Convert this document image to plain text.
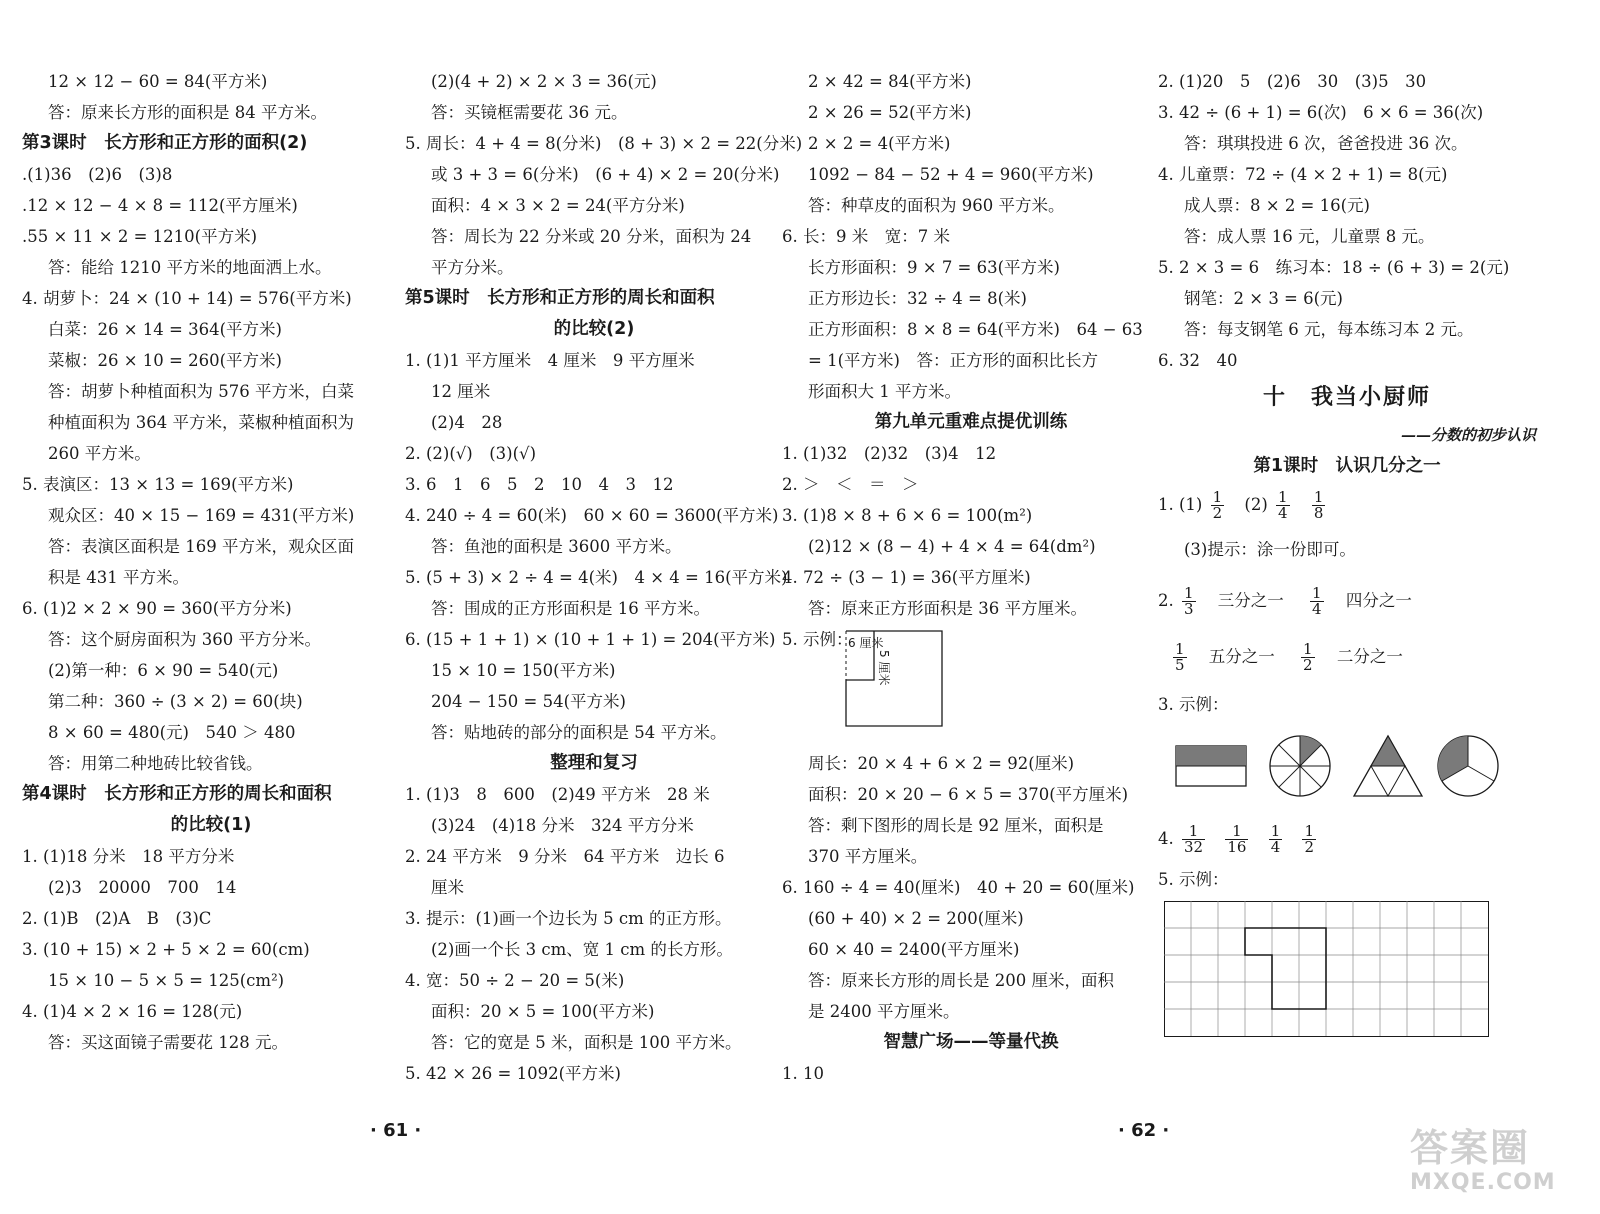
12 × 12 − 60 = 84(平方米)
答：原来长方形的面积是 84 平方米。
第3课时　长方形和正方形的面积(2)
.(1)36　(2)6　(3)8
.12 × 12 − 4 × 8 = 112(平方厘米)
.55 × 11 × 2 = 1210(平方米)
答：能给 1210 平方米的地面洒上水。
4. 胡萝卜：24 × (10 + 14) = 576(平方米)
白菜：26 × 14 = 364(平方米)
菜椒：26 × 10 = 260(平方米)
答：胡萝卜种植面积为 576 平方米，白菜
种植面积为 364 平方米，菜椒种植面积为
260 平方米。
5. 表演区：13 × 13 = 169(平方米)
观众区：40 × 15 − 169 = 431(平方米)
答：表演区面积是 169 平方米，观众区面
积是 431 平方米。
6. (1)2 × 2 × 90 = 360(平方分米)
答：这个厨房面积为 360 平方分米。
(2)第一种：6 × 90 = 540(元)
第二种：360 ÷ (3 × 2) = 60(块)
8 × 60 = 480(元)　540 ＞ 480
答：用第二种地砖比较省钱。
第4课时　长方形和正方形的周长和面积
的比较(1)
1. (1)18 分米　18 平方分米
(2)3　20000　700　14
2. (1)B　(2)A　B　(3)C
3. (10 + 15) × 2 + 5 × 2 = 60(cm)
15 × 10 − 5 × 5 = 125(cm²)
4. (1)4 × 2 × 16 = 128(元)
答：买这面镜子需要花 128 元。
(2)(4 + 2) × 2 × 3 = 36(元)
答：买镜框需要花 36 元。
5. 周长：4 + 4 = 8(分米)　(8 + 3) × 2 = 22(分米)
或 3 + 3 = 6(分米)　(6 + 4) × 2 = 20(分米)
面积：4 × 3 × 2 = 24(平方分米)
答：周长为 22 分米或 20 分米，面积为 24
平方分米。
第5课时　长方形和正方形的周长和面积
的比较(2)
1. (1)1 平方厘米　4 厘米　9 平方厘米
12 厘米
(2)4　28
2. (2)(√)　(3)(√)
3. 6　1　6　5　2　10　4　3　12
4. 240 ÷ 4 = 60(米)　60 × 60 = 3600(平方米)
答：鱼池的面积是 3600 平方米。
5. (5 + 3) × 2 ÷ 4 = 4(米)　4 × 4 = 16(平方米)
答：围成的正方形面积是 16 平方米。
6. (15 + 1 + 1) × (10 + 1 + 1) = 204(平方米)
15 × 10 = 150(平方米)
204 − 150 = 54(平方米)
答：贴地砖的部分的面积是 54 平方米。
整理和复习
1. (1)3　8　600　(2)49 平方米　28 米
(3)24　(4)18 分米　324 平方分米
2. 24 平方米　9 分米　64 平方米　边长 6
厘米
3. 提示：(1)画一个边长为 5 cm 的正方形。
(2)画一个长 3 cm、宽 1 cm 的长方形。
4. 宽：50 ÷ 2 − 20 = 5(米)
面积：20 × 5 = 100(平方米)
答：它的宽是 5 米，面积是 100 平方米。
5. 42 × 26 = 1092(平方米)
2 × 42 = 84(平方米)
2 × 26 = 52(平方米)
2 × 2 = 4(平方米)
1092 − 84 − 52 + 4 = 960(平方米)
答：种草皮的面积为 960 平方米。
6. 长：9 米　宽：7 米
长方形面积：9 × 7 = 63(平方米)
正方形边长：32 ÷ 4 = 8(米)
正方形面积：8 × 8 = 64(平方米)　64 − 63
= 1(平方米)　答：正方形的面积比长方
形面积大 1 平方米。
第九单元重难点提优训练
1. (1)32　(2)32　(3)4　12
2. ＞　＜　＝　＞
3. (1)8 × 8 + 6 × 6 = 100(m²)
(2)12 × (8 − 4) + 4 × 4 = 64(dm²)
4. 72 ÷ (3 − 1) = 36(平方厘米)
答：原来正方形面积是 36 平方厘米。
5. 示例：
6 厘米
5 厘米
周长：20 × 4 + 6 × 2 = 92(厘米)
面积：20 × 20 − 6 × 5 = 370(平方厘米)
答：剩下图形的周长是 92 厘米，面积是
370 平方厘米。
6. 160 ÷ 4 = 40(厘米)　40 + 20 = 60(厘米)
(60 + 40) × 2 = 200(厘米)
60 × 40 = 2400(平方厘米)
答：原来长方形的周长是 200 厘米，面积
是 2400 平方厘米。
智慧广场——等量代换
1. 10
2. (1)20　5　(2)6　30　(3)5　30
3. 42 ÷ (6 + 1) = 6(次)　6 × 6 = 36(次)
答：琪琪投进 6 次，爸爸投进 36 次。
4. 儿童票：72 ÷ (4 × 2 + 1) = 8(元)
成人票：8 × 2 = 16(元)
答：成人票 16 元，儿童票 8 元。
5. 2 × 3 = 6　练习本：18 ÷ (6 + 3) = 2(元)
钢笔：2 × 3 = 6(元)
答：每支钢笔 6 元，每本练习本 2 元。
6. 32　40
十　我当小厨师
——分数的初步认识
第1课时　认识几分之一
1. $(1) \frac{1}{2} (2) \frac{1}{4}$
$\frac{1}{8}$
(3)提示：涂一份即可。
2. $\frac{1}{3}$ 三分之一 $\frac{1}{4}$ 四分之一
$\frac{1}{5}$ 五分之一 $\frac{1}{2}$ 二分之一
3. 示例：
4. $\frac{1}{32}$
$\frac{1}{16}$
$\frac{1}{4}$
$\frac{1}{2}$
5. 示例：
· 61 ·	· 62 ·	答案圈
MXQE.COM
